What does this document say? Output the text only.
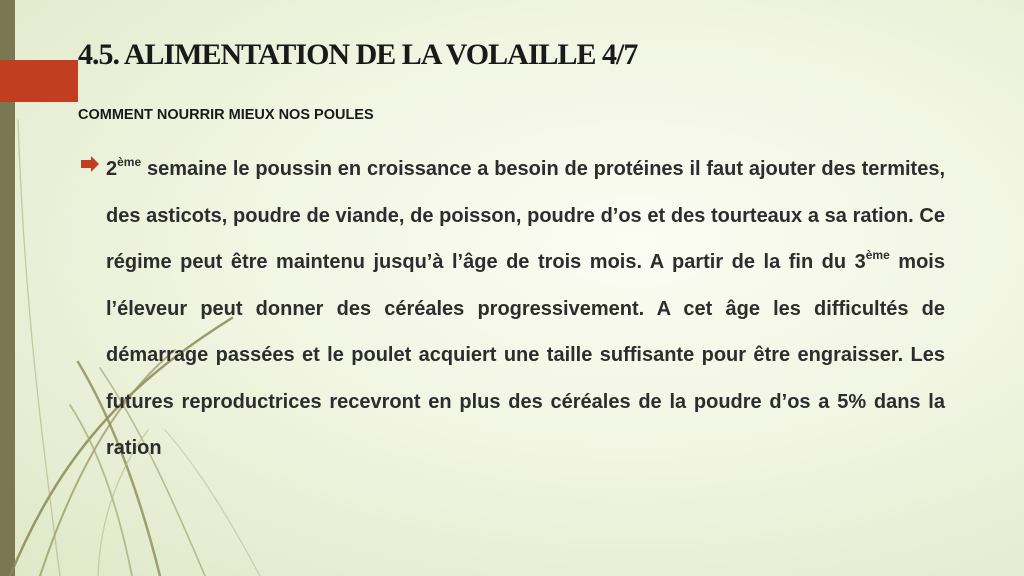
4.5. ALIMENTATION DE LA VOLAILLE 4/7
COMMENT NOURRIR MIEUX NOS POULES

2ème semaine le poussin en croissance a besoin de protéines il faut ajouter des termites, des asticots, poudre de viande, de poisson, poudre d’os et des tourteaux a sa ration. Ce régime peut être maintenu jusqu’à l’âge de trois mois. A partir de la fin du 3ème mois l’éleveur peut donner des céréales progressivement. A cet âge les difficultés de démarrage passées et le poulet acquiert une taille suffisante pour être engraisser. Les futures reproductrices recevront en plus des céréales de la poudre d’os a 5% dans la ration
